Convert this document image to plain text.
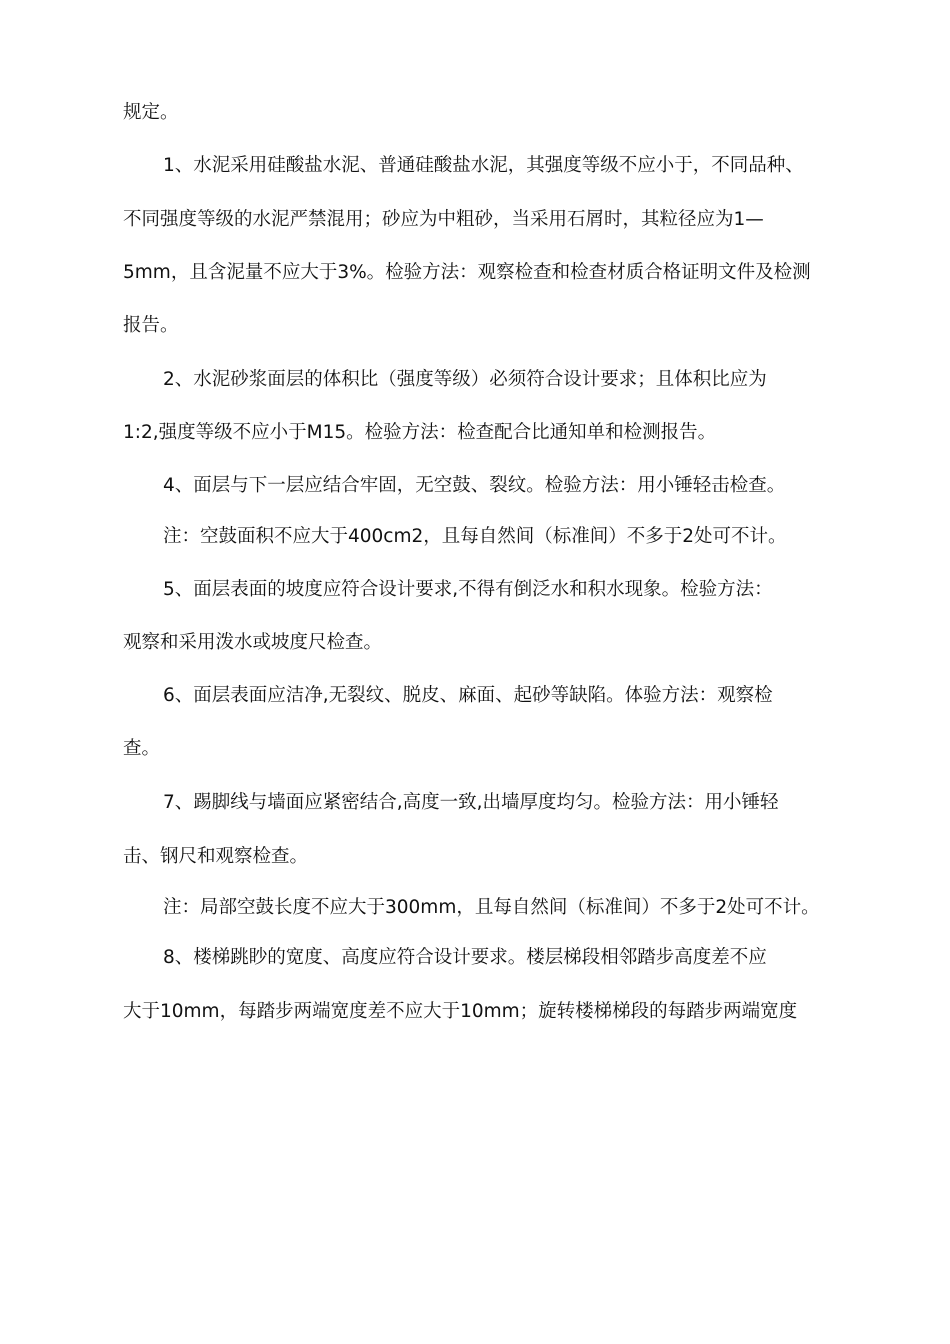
规定。
1、水泥采用硅酸盐水泥、普通硅酸盐水泥，其强度等级不应小于，不同品种、
不同强度等级的水泥严禁混用；砂应为中粗砂，当采用石屑时，其粒径应为1—
5mm，且含泥量不应大于3%。检验方法：观察检查和检查材质合格证明文件及检测
报告。
2、水泥砂浆面层的体积比（强度等级）必须符合设计要求；且体积比应为
1:2,强度等级不应小于M15。检验方法：检查配合比通知单和检测报告。
4、面层与下一层应结合牢固，无空鼓、裂纹。检验方法：用小锤轻击检查。
注：空鼓面积不应大于400cm2，且每自然间（标准间）不多于2处可不计。
5、面层表面的坡度应符合设计要求,不得有倒泛水和积水现象。检验方法：
观察和采用泼水或坡度尺检查。
6、面层表面应洁净,无裂纹、脱皮、麻面、起砂等缺陷。体验方法：观察检
查。
7、踢脚线与墙面应紧密结合,高度一致,出墙厚度均匀。检验方法：用小锤轻
击、钢尺和观察检查。
注：局部空鼓长度不应大于300mm，且每自然间（标准间）不多于2处可不计。
8、楼梯跳眇的宽度、高度应符合设计要求。楼层梯段相邻踏步高度差不应
大于10mm，每踏步两端宽度差不应大于10mm；旋转楼梯梯段的每踏步两端宽度
